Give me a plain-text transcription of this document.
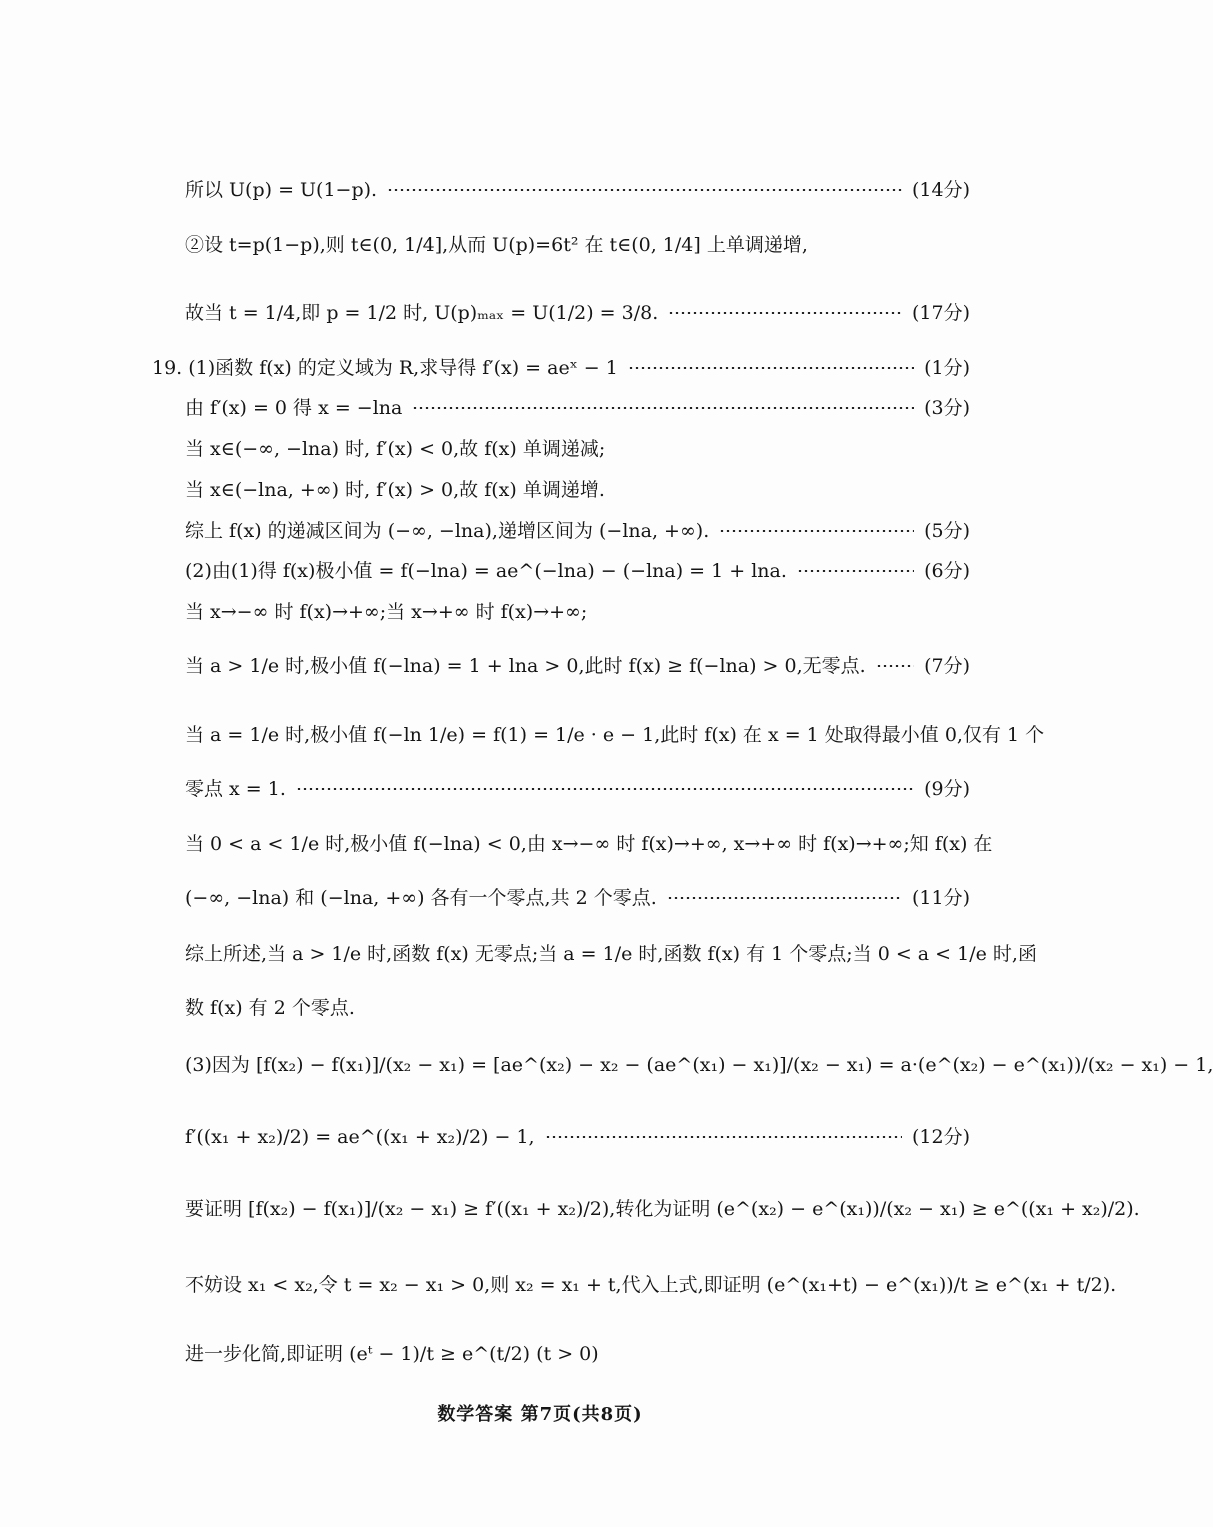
所以 U(p) = U(1−p).	(14分)
②设 t=p(1−p),则 t∈(0, 1/4],从而 U(p)=6t² 在 t∈(0, 1/4] 上单调递增,
故当 t = 1/4,即 p = 1/2 时, U(p)ₘₐₓ = U(1/2) = 3/8.	(17分)
19. (1)函数 f(x) 的定义域为 R,求导得 f′(x) = aeˣ − 1	(1分)
由 f′(x) = 0 得 x = −lna	(3分)
当 x∈(−∞, −lna) 时, f′(x) < 0,故 f(x) 单调递减;
当 x∈(−lna, +∞) 时, f′(x) > 0,故 f(x) 单调递增.
综上 f(x) 的递减区间为 (−∞, −lna),递增区间为 (−lna, +∞).	(5分)
(2)由(1)得 f(x)极小值 = f(−lna) = ae^(−lna) − (−lna) = 1 + lna.	(6分)
当 x→−∞ 时 f(x)→+∞;当 x→+∞ 时 f(x)→+∞;
当 a > 1/e 时,极小值 f(−lna) = 1 + lna > 0,此时 f(x) ≥ f(−lna) > 0,无零点.	(7分)
当 a = 1/e 时,极小值 f(−ln 1/e) = f(1) = 1/e · e − 1,此时 f(x) 在 x = 1 处取得最小值 0,仅有 1 个
零点 x = 1.	(9分)
当 0 < a < 1/e 时,极小值 f(−lna) < 0,由 x→−∞ 时 f(x)→+∞, x→+∞ 时 f(x)→+∞;知 f(x) 在
(−∞, −lna) 和 (−lna, +∞) 各有一个零点,共 2 个零点.	(11分)
综上所述,当 a > 1/e 时,函数 f(x) 无零点;当 a = 1/e 时,函数 f(x) 有 1 个零点;当 0 < a < 1/e 时,函
数 f(x) 有 2 个零点.
(3)因为 [f(x₂) − f(x₁)]/(x₂ − x₁) = [ae^(x₂) − x₂ − (ae^(x₁) − x₁)]/(x₂ − x₁) = a·(e^(x₂) − e^(x₁))/(x₂ − x₁) − 1,
f′((x₁ + x₂)/2) = ae^((x₁ + x₂)/2) − 1,	(12分)
要证明 [f(x₂) − f(x₁)]/(x₂ − x₁) ≥ f′((x₁ + x₂)/2),转化为证明 (e^(x₂) − e^(x₁))/(x₂ − x₁) ≥ e^((x₁ + x₂)/2).
不妨设 x₁ < x₂,令 t = x₂ − x₁ > 0,则 x₂ = x₁ + t,代入上式,即证明 (e^(x₁+t) − e^(x₁))/t ≥ e^(x₁ + t/2).
进一步化简,即证明 (eᵗ − 1)/t ≥ e^(t/2) (t > 0)
数学答案 第7页(共8页)
